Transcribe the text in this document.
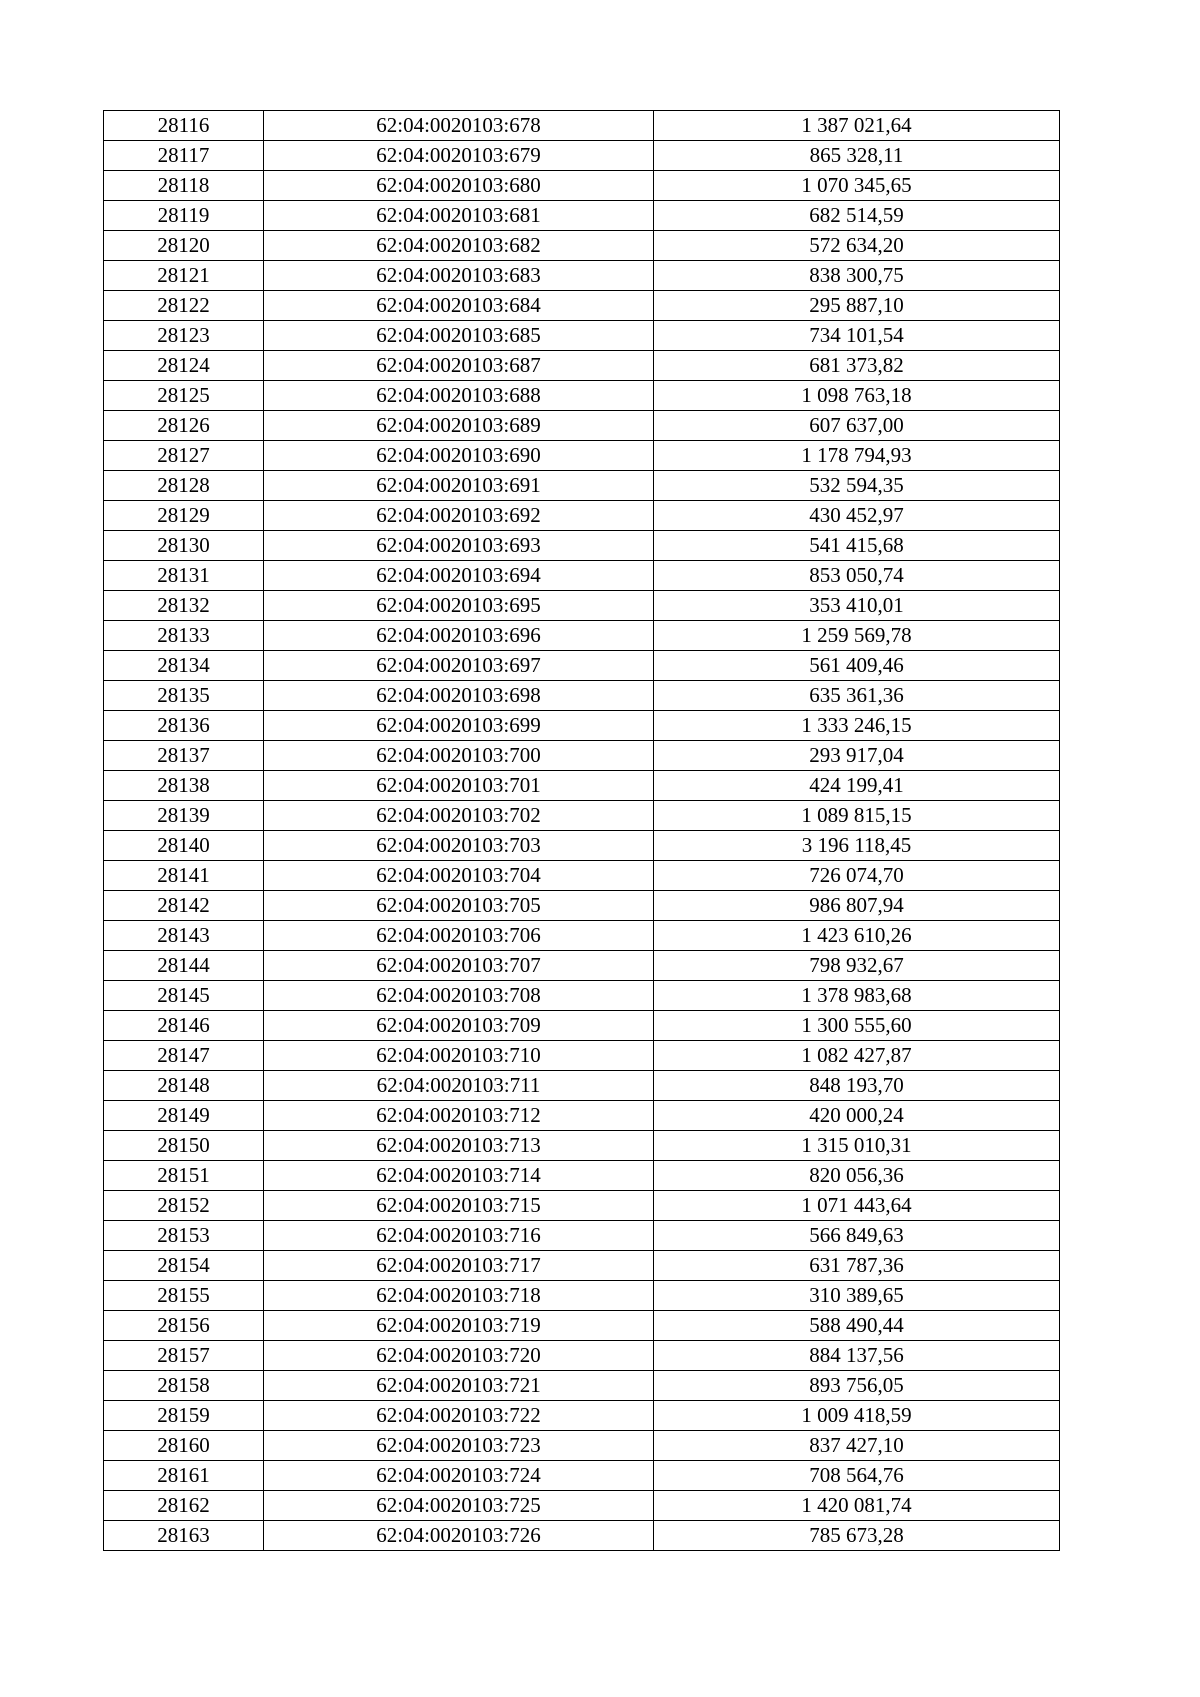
28116	62:04:0020103:678	1 387 021,64
28117	62:04:0020103:679	865 328,11
28118	62:04:0020103:680	1 070 345,65
28119	62:04:0020103:681	682 514,59
28120	62:04:0020103:682	572 634,20
28121	62:04:0020103:683	838 300,75
28122	62:04:0020103:684	295 887,10
28123	62:04:0020103:685	734 101,54
28124	62:04:0020103:687	681 373,82
28125	62:04:0020103:688	1 098 763,18
28126	62:04:0020103:689	607 637,00
28127	62:04:0020103:690	1 178 794,93
28128	62:04:0020103:691	532 594,35
28129	62:04:0020103:692	430 452,97
28130	62:04:0020103:693	541 415,68
28131	62:04:0020103:694	853 050,74
28132	62:04:0020103:695	353 410,01
28133	62:04:0020103:696	1 259 569,78
28134	62:04:0020103:697	561 409,46
28135	62:04:0020103:698	635 361,36
28136	62:04:0020103:699	1 333 246,15
28137	62:04:0020103:700	293 917,04
28138	62:04:0020103:701	424 199,41
28139	62:04:0020103:702	1 089 815,15
28140	62:04:0020103:703	3 196 118,45
28141	62:04:0020103:704	726 074,70
28142	62:04:0020103:705	986 807,94
28143	62:04:0020103:706	1 423 610,26
28144	62:04:0020103:707	798 932,67
28145	62:04:0020103:708	1 378 983,68
28146	62:04:0020103:709	1 300 555,60
28147	62:04:0020103:710	1 082 427,87
28148	62:04:0020103:711	848 193,70
28149	62:04:0020103:712	420 000,24
28150	62:04:0020103:713	1 315 010,31
28151	62:04:0020103:714	820 056,36
28152	62:04:0020103:715	1 071 443,64
28153	62:04:0020103:716	566 849,63
28154	62:04:0020103:717	631 787,36
28155	62:04:0020103:718	310 389,65
28156	62:04:0020103:719	588 490,44
28157	62:04:0020103:720	884 137,56
28158	62:04:0020103:721	893 756,05
28159	62:04:0020103:722	1 009 418,59
28160	62:04:0020103:723	837 427,10
28161	62:04:0020103:724	708 564,76
28162	62:04:0020103:725	1 420 081,74
28163	62:04:0020103:726	785 673,28
